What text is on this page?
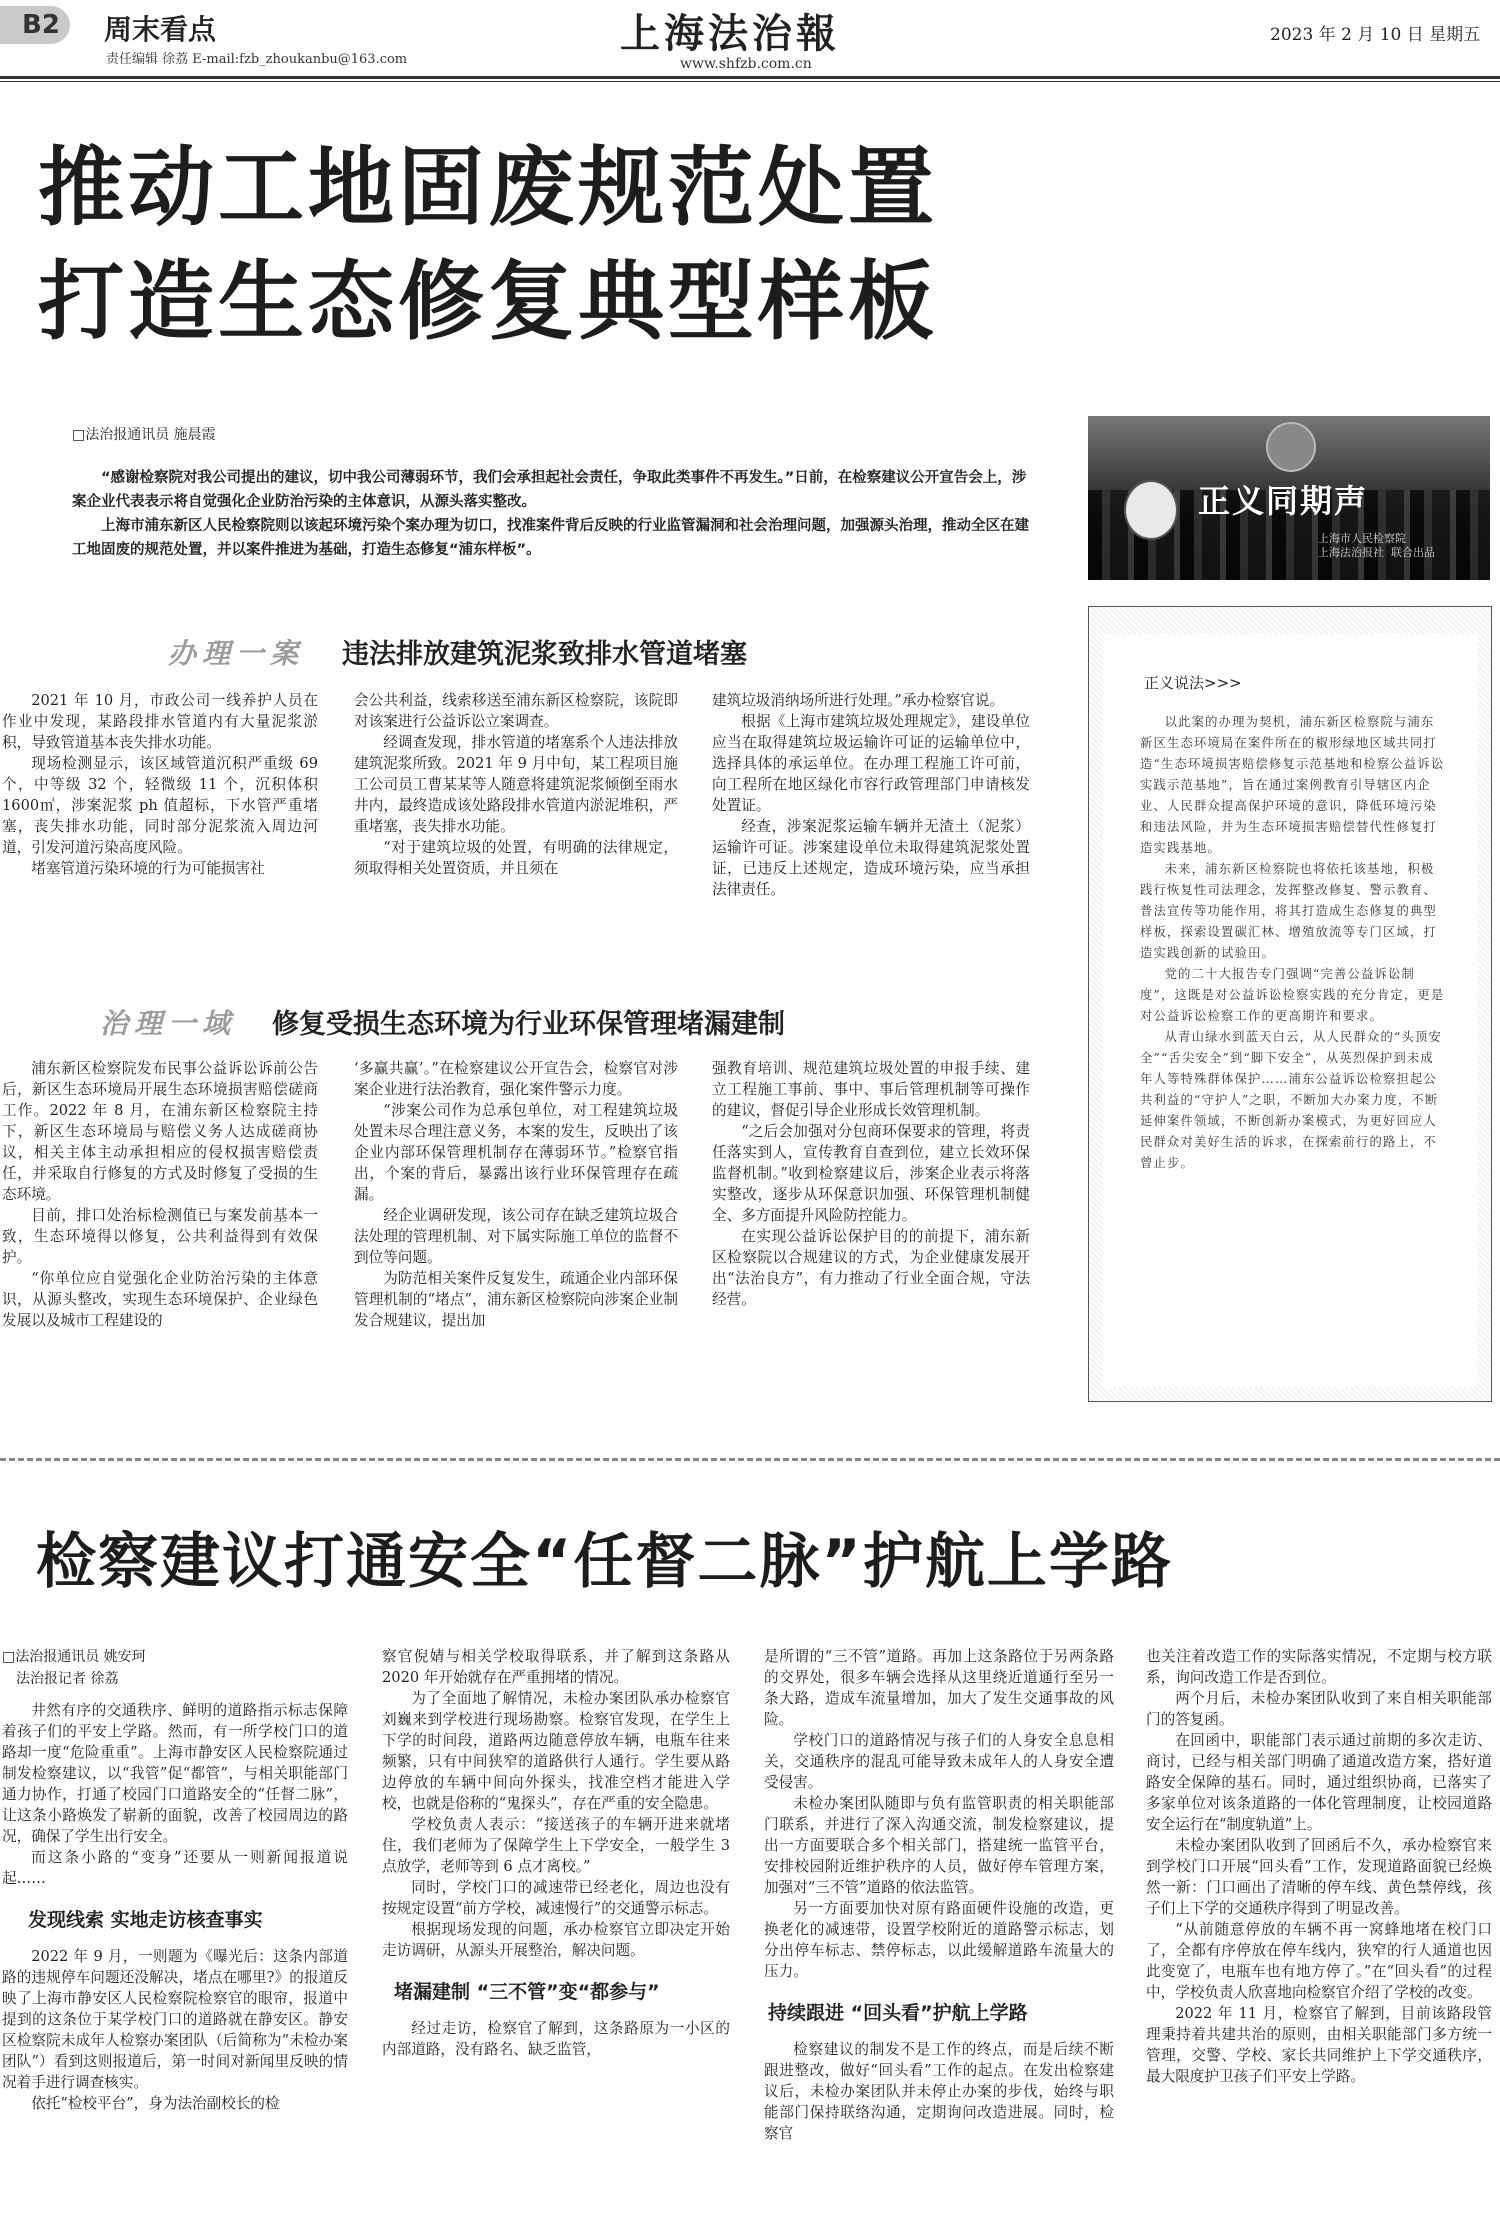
B2 周末看点
责任编辑 徐荔 E-mail:fzb_zhoukanbu@163.com
上海法治報
www.shfzb.com.cn
2023 年 2 月 10 日 星期五
推动工地固废规范处置
打造生态修复典型样板
□法治报通讯员 施晨霞

“感谢检察院对我公司提出的建议，切中我公司薄弱环节，我们会承担起社会责任，争取此类事件不再发生。”日前，在检察建议公开宣告会上，涉案企业代表表示将自觉强化企业防治污染的主体意识，从源头落实整改。

上海市浦东新区人民检察院则以该起环境污染个案办理为切口，找准案件背后反映的行业监管漏洞和社会治理问题，加强源头治理，推动全区在建工地固废的规范处置，并以案件推进为基础，打造生态修复“浦东样板”。

办理一案 违法排放建筑泥浆致排水管道堵塞

2021 年 10 月，市政公司一线养护人员在作业中发现，某路段排水管道内有大量泥浆淤积，导致管道基本丧失排水功能。

现场检测显示，该区域管道沉积严重级 69 个，中等级 32 个，轻微级 11 个，沉积体积 1600㎥，涉案泥浆 ph 值超标，下水管严重堵塞，丧失排水功能，同时部分泥浆流入周边河道，引发河道污染高度风险。

堵塞管道污染环境的行为可能损害社

会公共利益，线索移送至浦东新区检察院，该院即对该案进行公益诉讼立案调查。

经调查发现，排水管道的堵塞系个人违法排放建筑泥浆所致。2021 年 9 月中旬，某工程项目施工公司员工曹某某等人随意将建筑泥浆倾倒至雨水井内，最终造成该处路段排水管道内淤泥堆积，严重堵塞，丧失排水功能。

“对于建筑垃圾的处置，有明确的法律规定，须取得相关处置资质，并且须在

建筑垃圾消纳场所进行处理。”承办检察官说。

根据《上海市建筑垃圾处理规定》，建设单位应当在取得建筑垃圾运输许可证的运输单位中，选择具体的承运单位。在办理工程施工许可前，向工程所在地区绿化市容行政管理部门申请核发处置证。

经查，涉案泥浆运输车辆并无渣土（泥浆）运输许可证。涉案建设单位未取得建筑泥浆处置证，已违反上述规定，造成环境污染，应当承担法律责任。

治理一域 修复受损生态环境为行业环保管理堵漏建制

浦东新区检察院发布民事公益诉讼诉前公告后，新区生态环境局开展生态环境损害赔偿磋商工作。2022 年 8 月，在浦东新区检察院主持下，新区生态环境局与赔偿义务人达成磋商协议，相关主体主动承担相应的侵权损害赔偿责任，并采取自行修复的方式及时修复了受损的生态环境。

目前，排口处治标检测值已与案发前基本一致，生态环境得以修复，公共利益得到有效保护。

“你单位应自觉强化企业防治污染的主体意识，从源头整改，实现生态环境保护、企业绿色发展以及城市工程建设的

‘多赢共赢’。”在检察建议公开宣告会，检察官对涉案企业进行法治教育，强化案件警示力度。

“涉案公司作为总承包单位，对工程建筑垃圾处置未尽合理注意义务，本案的发生，反映出了该企业内部环保管理机制存在薄弱环节。”检察官指出，个案的背后，暴露出该行业环保管理存在疏漏。

经企业调研发现，该公司存在缺乏建筑垃圾合法处理的管理机制、对下属实际施工单位的监督不到位等问题。

为防范相关案件反复发生，疏通企业内部环保管理机制的“堵点”，浦东新区检察院向涉案企业制发合规建议，提出加

强教育培训、规范建筑垃圾处置的申报手续、建立工程施工事前、事中、事后管理机制等可操作的建议，督促引导企业形成长效管理机制。

“之后会加强对分包商环保要求的管理，将责任落实到人，宣传教育自查到位，建立长效环保监督机制。”收到检察建议后，涉案企业表示将落实整改，逐步从环保意识加强、环保管理机制健全、多方面提升风险防控能力。

在实现公益诉讼保护目的的前提下，浦东新区检察院以合规建议的方式，为企业健康发展开出“法治良方”，有力推动了行业全面合规，守法经营。

正义同期声
上海市人民检察院
上海法治报社  联合出品
正义说法>>>

以此案的办理为契机，浦东新区检察院与浦东新区生态环境局在案件所在的椒形绿地区域共同打造“生态环境损害赔偿修复示范基地和检察公益诉讼实践示范基地”，旨在通过案例教育引导辖区内企业、人民群众提高保护环境的意识，降低环境污染和违法风险，并为生态环境损害赔偿替代性修复打造实践基地。

未来，浦东新区检察院也将依托该基地，积极践行恢复性司法理念，发挥整改修复、警示教育、普法宣传等功能作用，将其打造成生态修复的典型样板，探索设置碳汇林、增殖放流等专门区域，打造实践创新的试验田。

党的二十大报告专门强调“完善公益诉讼制度”，这既是对公益诉讼检察实践的充分肯定，更是对公益诉讼检察工作的更高期许和要求。

从青山绿水到蓝天白云，从人民群众的“头顶安全”“舌尖安全”到“脚下安全”，从英烈保护到未成年人等特殊群体保护……浦东公益诉讼检察担起公共利益的“守护人”之职，不断加大办案力度，不断延伸案件领域，不断创新办案模式，为更好回应人民群众对美好生活的诉求，在探索前行的路上，不曾止步。

检察建议打通安全“任督二脉”护航上学路
□法治报通讯员 姚安珂
法治报记者 徐荔

井然有序的交通秩序、鲜明的道路指示标志保障着孩子们的平安上学路。然而，有一所学校门口的道路却一度“危险重重”。上海市静安区人民检察院通过制发检察建议，以“我管”促“都管”，与相关职能部门通力协作，打通了校园门口道路安全的“任督二脉”，让这条小路焕发了崭新的面貌，改善了校园周边的路况，确保了学生出行安全。

而这条小路的“变身”还要从一则新闻报道说起……

发现线索 实地走访核查事实

2022 年 9 月，一则题为《曝光后：这条内部道路的违规停车问题还没解决，堵点在哪里?》的报道反映了上海市静安区人民检察院检察官的眼帘，报道中提到的这条位于某学校门口的道路就在静安区。静安区检察院未成年人检察办案团队（后简称为“未检办案团队”）看到这则报道后，第一时间对新闻里反映的情况着手进行调查核实。

依托“检校平台”，身为法治副校长的检

察官倪婧与相关学校取得联系，并了解到这条路从 2020 年开始就存在严重拥堵的情况。

为了全面地了解情况，未检办案团队承办检察官刘巍来到学校进行现场勘察。检察官发现，在学生上下学的时间段，道路两边随意停放车辆，电瓶车往来频繁，只有中间狭窄的道路供行人通行。学生要从路边停放的车辆中间向外探头，找准空档才能进入学校，也就是俗称的“鬼探头”，存在严重的安全隐患。

学校负责人表示：“接送孩子的车辆开进来就堵住，我们老师为了保障学生上下学安全，一般学生 3 点放学，老师等到 6 点才离校。”

同时，学校门口的减速带已经老化，周边也没有按规定设置“前方学校，减速慢行”的交通警示标志。

根据现场发现的问题，承办检察官立即决定开始走访调研，从源头开展整治，解决问题。

堵漏建制 “三不管”变“都参与”

经过走访，检察官了解到，这条路原为一小区的内部道路，没有路名、缺乏监管，

是所谓的“三不管”道路。再加上这条路位于另两条路的交界处，很多车辆会选择从这里绕近道通行至另一条大路，造成车流量增加，加大了发生交通事故的风险。

学校门口的道路情况与孩子们的人身安全息息相关，交通秩序的混乱可能导致未成年人的人身安全遭受侵害。

未检办案团队随即与负有监管职责的相关职能部门联系，并进行了深入沟通交流，制发检察建议，提出一方面要联合多个相关部门，搭建统一监管平台，安排校园附近维护秩序的人员，做好停车管理方案，加强对“三不管”道路的依法监管。

另一方面要加快对原有路面硬件设施的改造，更换老化的减速带，设置学校附近的道路警示标志，划分出停车标志、禁停标志，以此缓解道路车流量大的压力。

持续跟进 “回头看”护航上学路

检察建议的制发不是工作的终点，而是后续不断跟进整改，做好“回头看”工作的起点。在发出检察建议后，未检办案团队并未停止办案的步伐，始终与职能部门保持联络沟通，定期询问改造进展。同时，检察官

也关注着改造工作的实际落实情况，不定期与校方联系，询问改造工作是否到位。

两个月后，未检办案团队收到了来自相关职能部门的答复函。

在回函中，职能部门表示通过前期的多次走访、商讨，已经与相关部门明确了通道改造方案，搭好道路安全保障的基石。同时，通过组织协商，已落实了多家单位对该条道路的一体化管理制度，让校园道路安全运行在“制度轨道”上。

未检办案团队收到了回函后不久，承办检察官来到学校门口开展“回头看”工作，发现道路面貌已经焕然一新：门口画出了清晰的停车线、黄色禁停线，孩子们上下学的交通秩序得到了明显改善。

“从前随意停放的车辆不再一窝蜂地堵在校门口了，全都有序停放在停车线内，狭窄的行人通道也因此变宽了，电瓶车也有地方停了。”在“回头看”的过程中，学校负责人欣喜地向检察官介绍了学校的改变。

2022 年 11 月，检察官了解到，目前该路段管理秉持着共建共治的原则，由相关职能部门多方统一管理，交警、学校、家长共同维护上下学交通秩序，最大限度护卫孩子们平安上学路。
